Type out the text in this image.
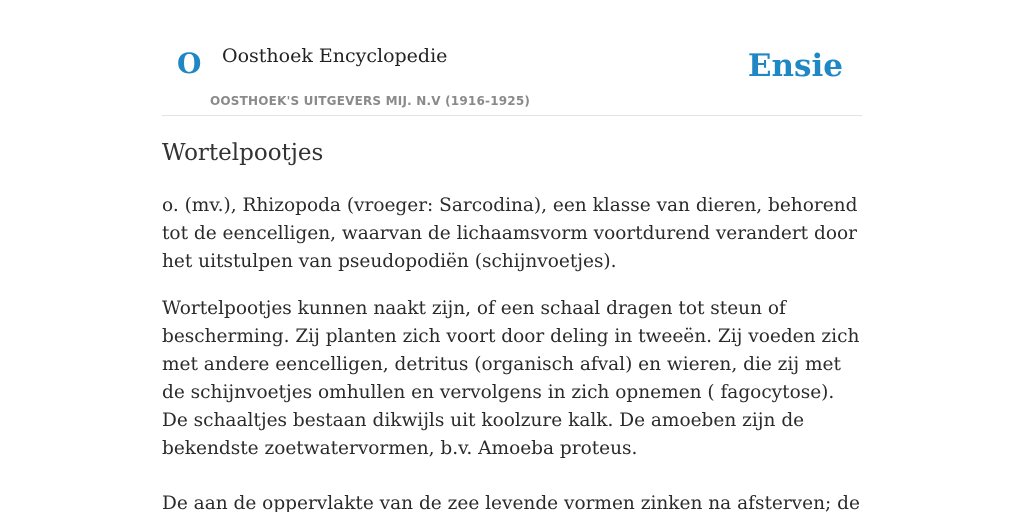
O Oosthoek Encyclopedie
OOSTHOEK'S UITGEVERS MIJ. N.V (1916-1925)
Ensie
Wortelpootjes

o. (mv.), Rhizopoda (vroeger: Sarcodina), een klasse van dieren, behorend tot de eencelligen, waarvan de lichaamsvorm voortdurend verandert door het uitstulpen van pseudopodiën (schijnvoetjes).

Wortelpootjes kunnen naakt zijn, of een schaal dragen tot steun of bescherming. Zij planten zich voort door deling in tweeën. Zij voeden zich met andere eencelligen, detritus (organisch afval) en wieren, die zij met de schijnvoetjes omhullen en vervolgens in zich opnemen ( fagocytose). De schaaltjes bestaan dikwijls uit koolzure kalk. De amoeben zijn de bekendste zoetwatervormen, b.v. Amoeba proteus.

De aan de oppervlakte van de zee levende vormen zinken na afsterven; de
